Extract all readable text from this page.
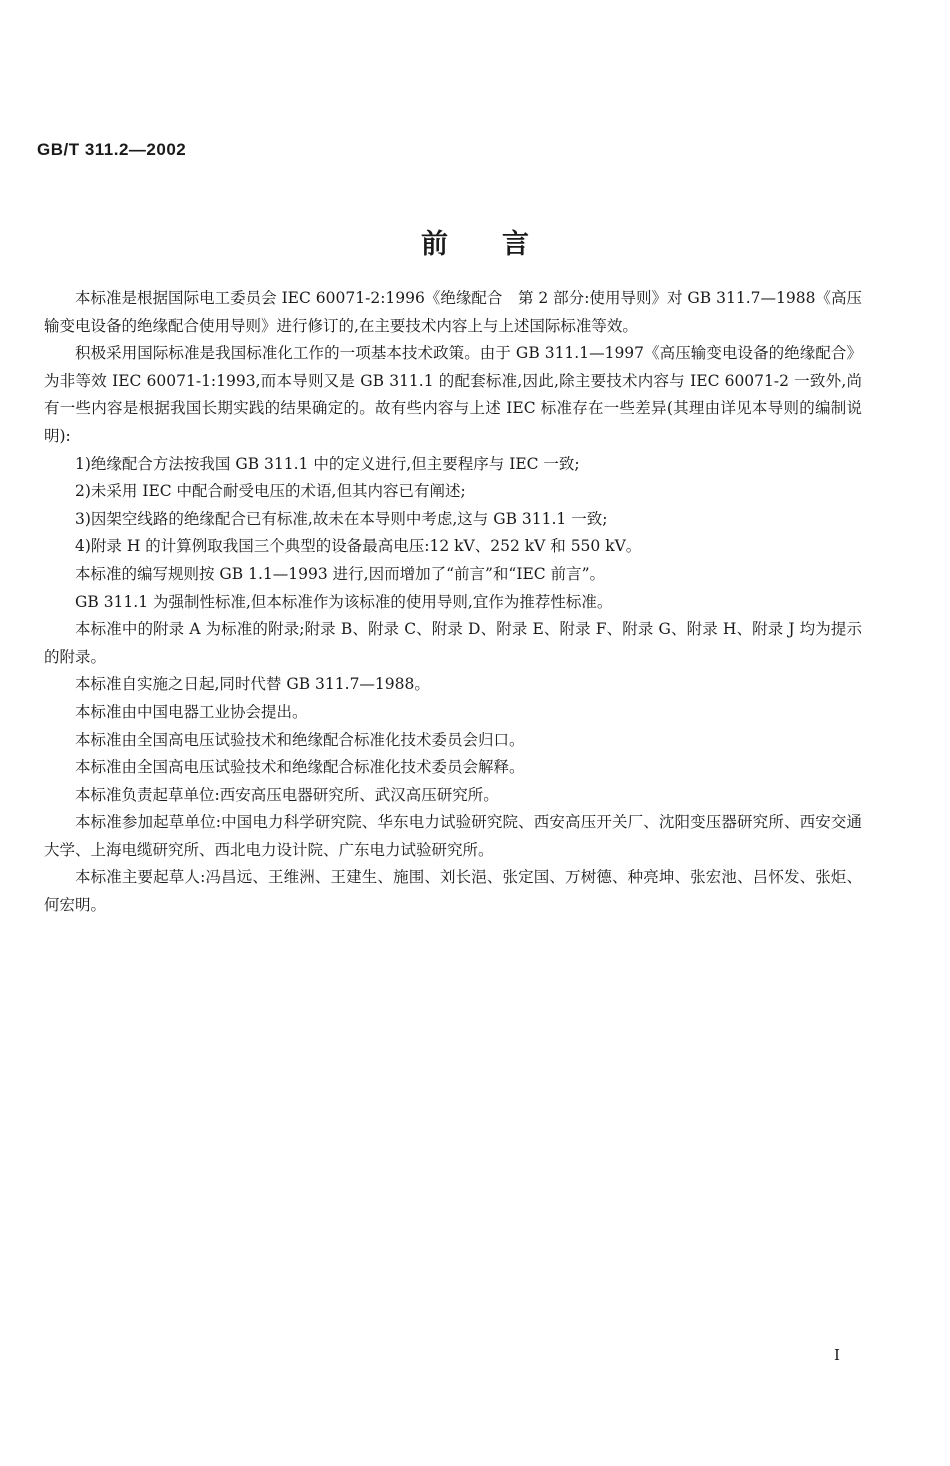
GB/T 311.2—2002
前言

本标准是根据国际电工委员会 IEC 60071-2:1996《绝缘配合　第 2 部分:使用导则》对 GB 311.7—1988《高压输变电设备的绝缘配合使用导则》进行修订的,在主要技术内容上与上述国际标准等效。

积极采用国际标准是我国标准化工作的一项基本技术政策。由于 GB 311.1—1997《高压输变电设备的绝缘配合》为非等效 IEC 60071-1:1993,而本导则又是 GB 311.1 的配套标准,因此,除主要技术内容与 IEC 60071-2 一致外,尚有一些内容是根据我国长期实践的结果确定的。故有些内容与上述 IEC 标准存在一些差异(其理由详见本导则的编制说明):

1)绝缘配合方法按我国 GB 311.1 中的定义进行,但主要程序与 IEC 一致;

2)未采用 IEC 中配合耐受电压的术语,但其内容已有阐述;

3)因架空线路的绝缘配合已有标准,故未在本导则中考虑,这与 GB 311.1 一致;

4)附录 H 的计算例取我国三个典型的设备最高电压:12 kV、252 kV 和 550 kV。

本标准的编写规则按 GB 1.1—1993 进行,因而增加了“前言”和“IEC 前言”。

GB 311.1 为强制性标准,但本标准作为该标准的使用导则,宜作为推荐性标准。

本标准中的附录 A 为标准的附录;附录 B、附录 C、附录 D、附录 E、附录 F、附录 G、附录 H、附录 J 均为提示的附录。

本标准自实施之日起,同时代替 GB 311.7—1988。

本标准由中国电器工业协会提出。

本标准由全国高电压试验技术和绝缘配合标准化技术委员会归口。

本标准由全国高电压试验技术和绝缘配合标准化技术委员会解释。

本标准负责起草单位:西安高压电器研究所、武汉高压研究所。

本标准参加起草单位:中国电力科学研究院、华东电力试验研究院、西安高压开关厂、沈阳变压器研究所、西安交通大学、上海电缆研究所、西北电力设计院、广东电力试验研究所。

本标准主要起草人:冯昌远、王维洲、王建生、施围、刘长浥、张定国、万树德、种亮坤、张宏池、吕怀发、张炬、何宏明。

I
